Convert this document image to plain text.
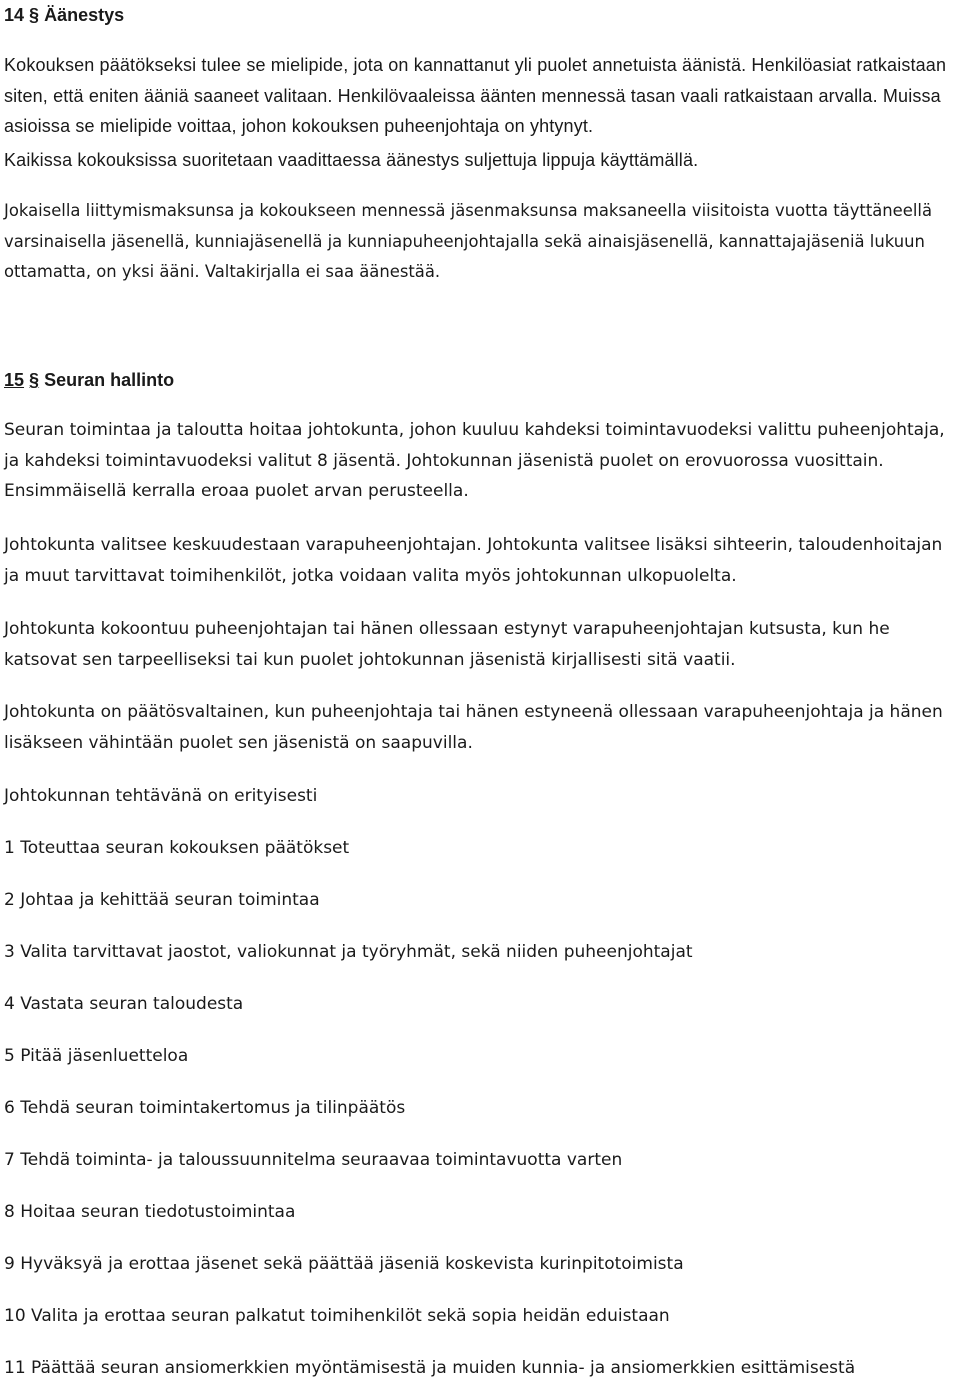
14 § Äänestys

Kokouksen päätökseksi tulee se mielipide, jota on kannattanut yli puolet annetuista äänistä. Henkilöasiat ratkaistaan siten, että eniten ääniä saaneet valitaan. Henkilövaaleissa äänten mennessä tasan vaali ratkaistaan arvalla. Muissa asioissa se mielipide voittaa, johon kokouksen puheenjohtaja on yhtynyt.

Kaikissa kokouksissa suoritetaan vaadittaessa äänestys suljettuja lippuja käyttämällä.

Jokaisella liittymismaksunsa ja kokoukseen mennessä jäsenmaksunsa maksaneella viisitoista vuotta täyttäneellä varsinaisella jäsenellä, kunniajäsenellä ja kunniapuheenjohtajalla sekä ainaisjäsenellä, kannattajajäseniä lukuun ottamatta, on yksi ääni. Valtakirjalla ei saa äänestää.

15 § Seuran hallinto

Seuran toimintaa ja taloutta hoitaa johtokunta, johon kuuluu kahdeksi toimintavuodeksi valittu puheenjohtaja, ja kahdeksi toimintavuodeksi valitut 8 jäsentä. Johtokunnan jäsenistä puolet on erovuorossa vuosittain. Ensimmäisellä kerralla eroaa puolet arvan perusteella.

Johtokunta valitsee keskuudestaan varapuheenjohtajan. Johtokunta valitsee lisäksi sihteerin, taloudenhoitajan ja muut tarvittavat toimihenkilöt, jotka voidaan valita myös johtokunnan ulkopuolelta.

Johtokunta kokoontuu puheenjohtajan tai hänen ollessaan estynyt varapuheenjohtajan kutsusta, kun he katsovat sen tarpeelliseksi tai kun puolet johtokunnan jäsenistä kirjallisesti sitä vaatii.

Johtokunta on päätösvaltainen, kun puheenjohtaja tai hänen estyneenä ollessaan varapuheenjohtaja ja hänen lisäkseen vähintään puolet sen jäsenistä on saapuvilla.

Johtokunnan tehtävänä on erityisesti
1 Toteuttaa seuran kokouksen päätökset
2 Johtaa ja kehittää seuran toimintaa
3 Valita tarvittavat jaostot, valiokunnat ja työryhmät, sekä niiden puheenjohtajat
4 Vastata seuran taloudesta
5 Pitää jäsenluetteloa
6 Tehdä seuran toimintakertomus ja tilinpäätös
7 Tehdä toiminta- ja taloussuunnitelma seuraavaa toimintavuotta varten
8 Hoitaa seuran tiedotustoimintaa
9 Hyväksyä ja erottaa jäsenet sekä päättää jäseniä koskevista kurinpitotoimista
10 Valita ja erottaa seuran palkatut toimihenkilöt sekä sopia heidän eduistaan
11 Päättää seuran ansiomerkkien myöntämisestä ja muiden kunnia- ja ansiomerkkien esittämisestä
